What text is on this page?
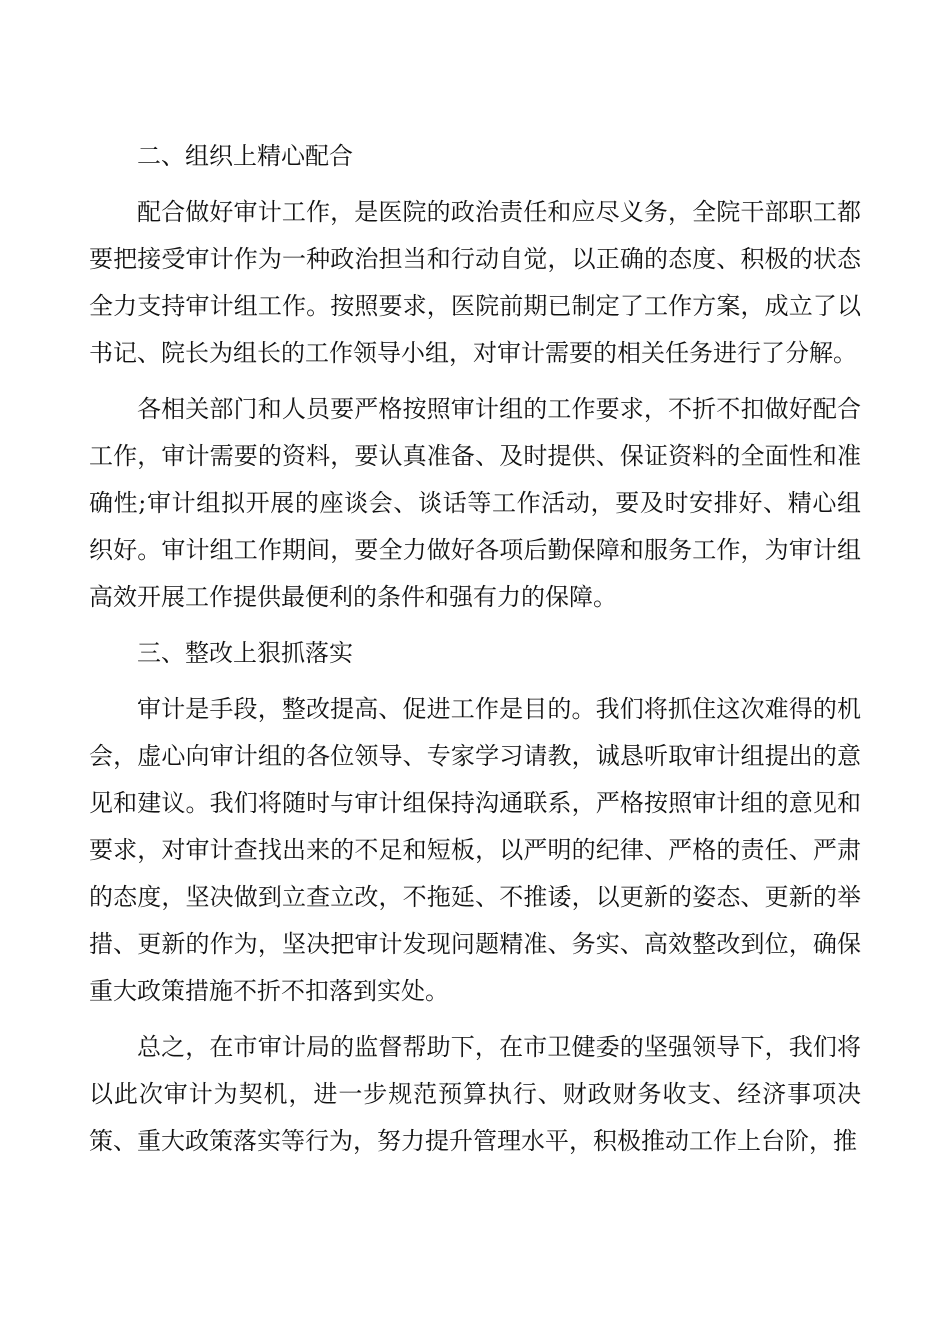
二、组织上精心配合

配合做好审计工作，是医院的政治责任和应尽义务，全院干部职工都要把接受审计作为一种政治担当和行动自觉，以正确的态度、积极的状态全力支持审计组工作。按照要求，医院前期已制定了工作方案，成立了以书记、院长为组长的工作领导小组，对审计需要的相关任务进行了分解。

各相关部门和人员要严格按照审计组的工作要求，不折不扣做好配合工作，审计需要的资料，要认真准备、及时提供、保证资料的全面性和准确性;审计组拟开展的座谈会、谈话等工作活动，要及时安排好、精心组织好。审计组工作期间，要全力做好各项后勤保障和服务工作，为审计组高效开展工作提供最便利的条件和强有力的保障。

三、整改上狠抓落实

审计是手段，整改提高、促进工作是目的。我们将抓住这次难得的机会，虚心向审计组的各位领导、专家学习请教，诚恳听取审计组提出的意见和建议。我们将随时与审计组保持沟通联系，严格按照审计组的意见和要求，对审计查找出来的不足和短板，以严明的纪律、严格的责任、严肃的态度，坚决做到立查立改，不拖延、不推诿，以更新的姿态、更新的举措、更新的作为，坚决把审计发现问题精准、务实、高效整改到位，确保重大政策措施不折不扣落到实处。

总之，在市审计局的监督帮助下，在市卫健委的坚强领导下，我们将以此次审计为契机，进一步规范预算执行、财政财务收支、经济事项决策、重大政策落实等行为，努力提升管理水平，积极推动工作上台阶，推
